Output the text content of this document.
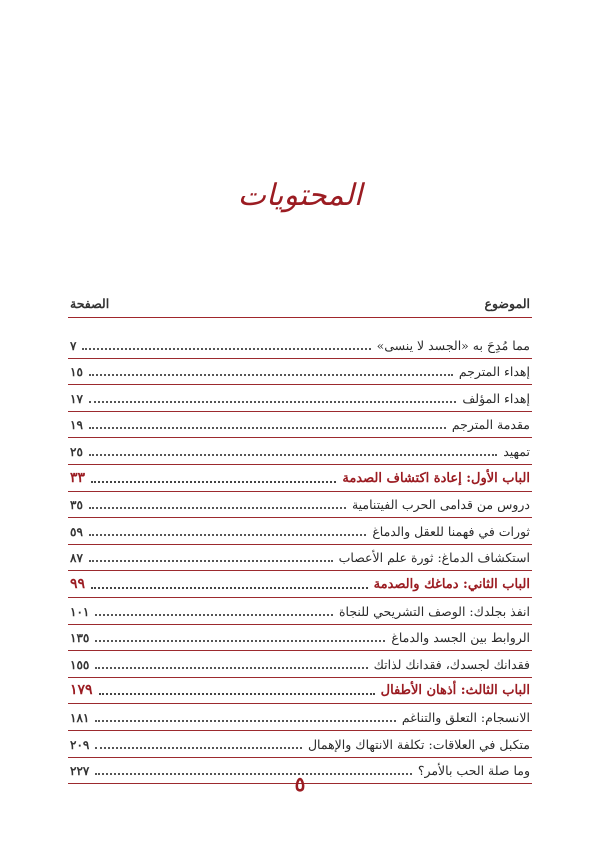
المحتويات
الموضوع
الصفحة
مما مُدِحَ به «الجسد لا ينسى»
٧
إهداء المترجم
١٥
إهداء المؤلف
١٧
مقدمة المترجم
١٩
تمهيد
٢٥
الباب الأول: إعادة اكتشاف الصدمة
٣٣
دروس من قدامى الحرب الفيتنامية
٣٥
ثورات في فهمنا للعقل والدماغ
٥٩
استكشاف الدماغ: ثورة علم الأعصاب
٨٧
الباب الثاني: دماغك والصدمة
٩٩
انفذ بجلدك: الوصف التشريحي للنجاة
١٠١
الروابط بين الجسد والدماغ
١٣٥
فقدانك لجسدك، فقدانك لذاتك
١٥٥
الباب الثالث: أذهان الأطفال
١٧٩
الانسجام: التعلق والتناغم
١٨١
متكبل في العلاقات: تكلفة الانتهاك والإهمال
٢٠٩
وما صلة الحب بالأمر؟
٢٢٧
٥
